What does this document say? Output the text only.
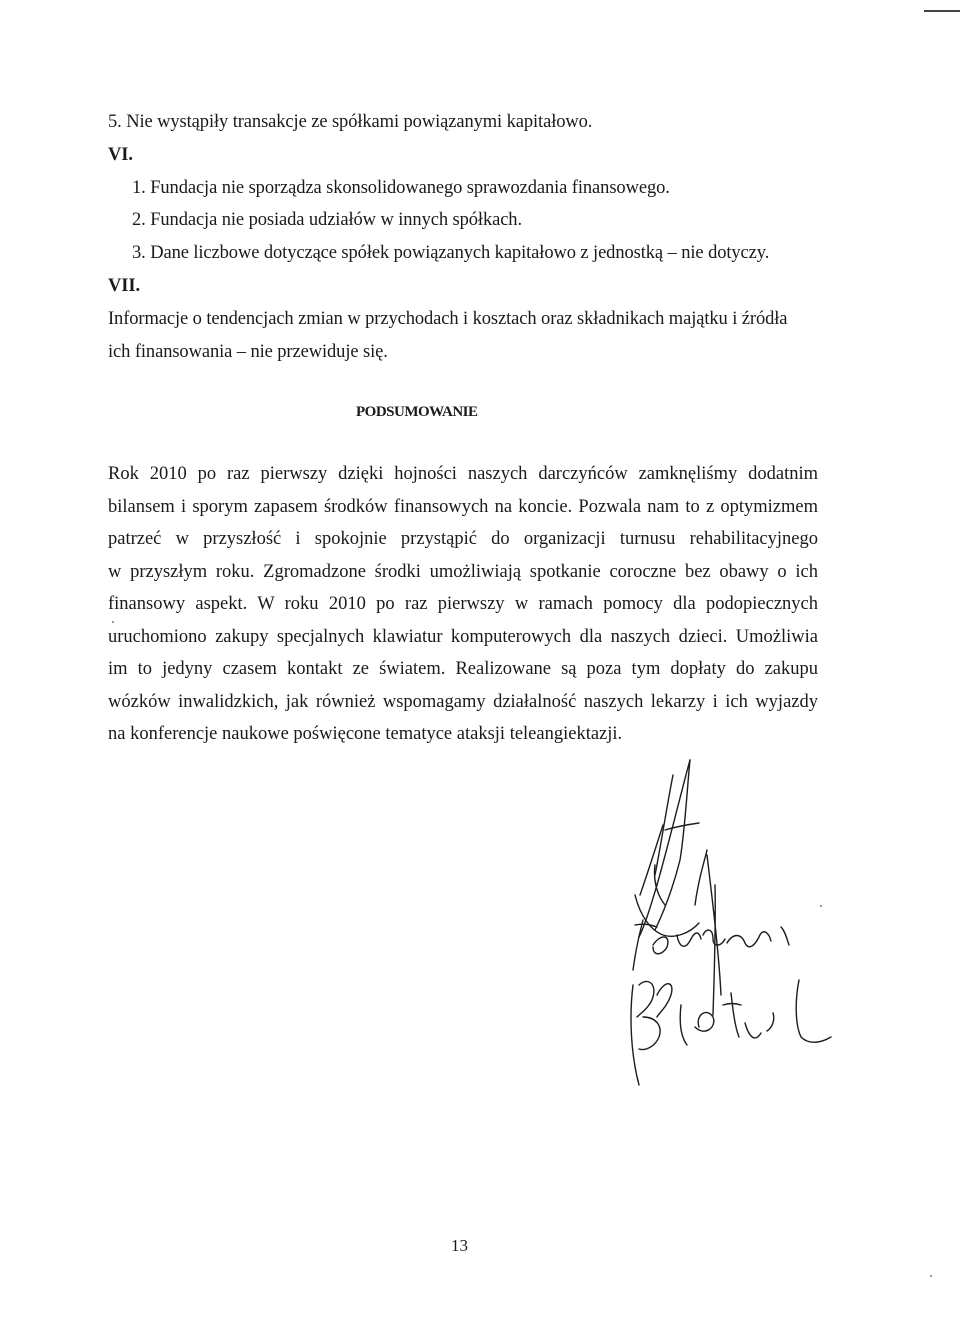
5. Nie wystąpiły transakcje ze spółkami powiązanymi kapitałowo.
VI.
1. Fundacja nie sporządza skonsolidowanego sprawozdania finansowego.
2. Fundacja nie posiada udziałów w innych spółkach.
3. Dane liczbowe dotyczące spółek powiązanych kapitałowo z jednostką – nie dotyczy.
VII.
Informacje o tendencjach zmian w przychodach i kosztach oraz składnikach majątku i źródła
ich finansowania – nie przewiduje się.
PODSUMOWANIE
Rok 2010 po raz pierwszy dzięki hojności naszych darczyńców zamknęliśmy dodatnim
bilansem i sporym zapasem środków finansowych na koncie. Pozwala nam to z optymizmem
patrzeć w przyszłość i spokojnie przystąpić do organizacji turnusu rehabilitacyjnego
w przyszłym roku. Zgromadzone środki umożliwiają spotkanie coroczne bez obawy o ich
finansowy aspekt. W roku 2010 po raz pierwszy w ramach pomocy dla podopiecznych
uruchomiono zakupy specjalnych klawiatur komputerowych dla naszych dzieci. Umożliwia
im to jedyny czasem kontakt ze światem. Realizowane są poza tym dopłaty do zakupu
wózków inwalidzkich, jak również wspomagamy działalność naszych lekarzy i ich wyjazdy
na konferencje naukowe poświęcone tematyce ataksji teleangiektazji.
13
